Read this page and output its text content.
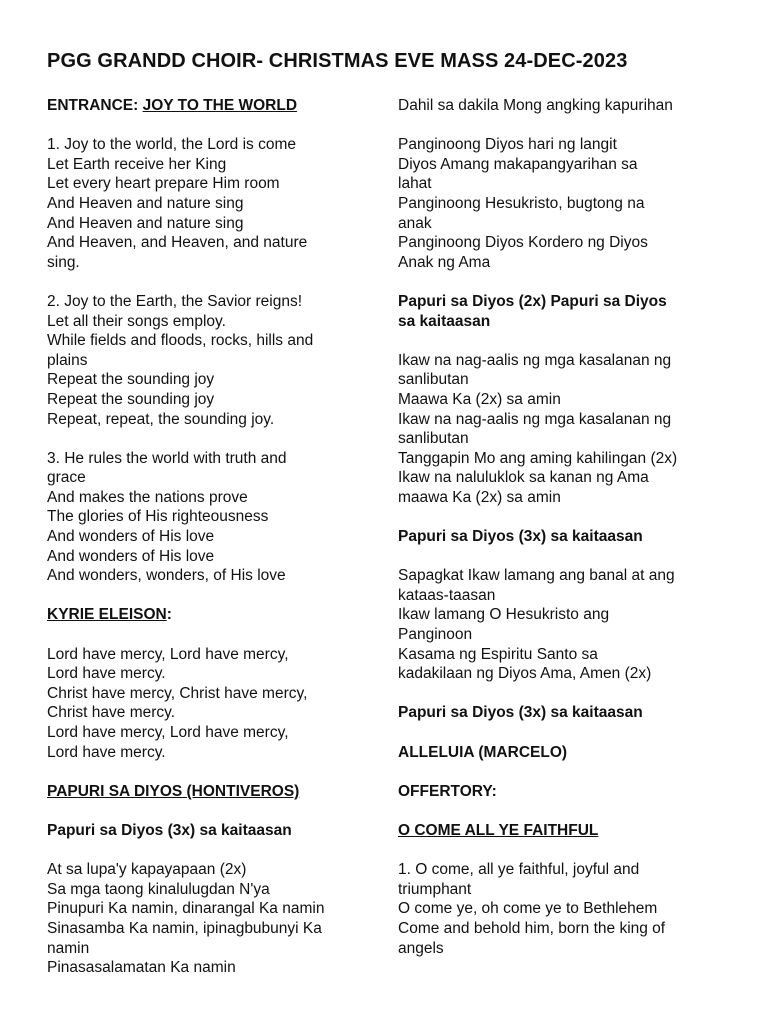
PGG GRANDD CHOIR- CHRISTMAS EVE MASS 24-DEC-2023
ENTRANCE: JOY TO THE WORLD
1. Joy to the world, the Lord is come
Let Earth receive her King
Let every heart prepare Him room
And Heaven and nature sing
And Heaven and nature sing
And Heaven, and Heaven, and nature
sing.
2. Joy to the Earth, the Savior reigns!
Let all their songs employ.
While fields and floods, rocks, hills and
plains
Repeat the sounding joy
Repeat the sounding joy
Repeat, repeat, the sounding joy.
3. He rules the world with truth and
grace
And makes the nations prove
The glories of His righteousness
And wonders of His love
And wonders of His love
And wonders, wonders, of His love
KYRIE ELEISON:
Lord have mercy, Lord have mercy,
Lord have mercy.
Christ have mercy, Christ have mercy,
Christ have mercy.
Lord have mercy, Lord have mercy,
Lord have mercy.
PAPURI SA DIYOS (HONTIVEROS)
Papuri sa Diyos (3x) sa kaitaasan
At sa lupa'y kapayapaan (2x)
Sa mga taong kinalulugdan N'ya
Pinupuri Ka namin, dinarangal Ka namin
Sinasamba Ka namin, ipinagbubunyi Ka
namin
Pinasasalamatan Ka namin
Dahil sa dakila Mong angking kapurihan
Panginoong Diyos hari ng langit
Diyos Amang makapangyarihan sa
lahat
Panginoong Hesukristo, bugtong na
anak
Panginoong Diyos Kordero ng Diyos
Anak ng Ama
Papuri sa Diyos (2x) Papuri sa Diyos
sa kaitaasan
Ikaw na nag-aalis ng mga kasalanan ng
sanlibutan
Maawa Ka (2x) sa amin
Ikaw na nag-aalis ng mga kasalanan ng
sanlibutan
Tanggapin Mo ang aming kahilingan (2x)
Ikaw na naluluklok sa kanan ng Ama
maawa Ka (2x) sa amin
Papuri sa Diyos (3x) sa kaitaasan
Sapagkat Ikaw lamang ang banal at ang
kataas-taasan
Ikaw lamang O Hesukristo ang
Panginoon
Kasama ng Espiritu Santo sa
kadakilaan ng Diyos Ama, Amen (2x)
Papuri sa Diyos (3x) sa kaitaasan
ALLELUIA (MARCELO)
OFFERTORY:
O COME ALL YE FAITHFUL
1. O come, all ye faithful, joyful and
triumphant
O come ye, oh come ye to Bethlehem
Come and behold him, born the king of
angels
